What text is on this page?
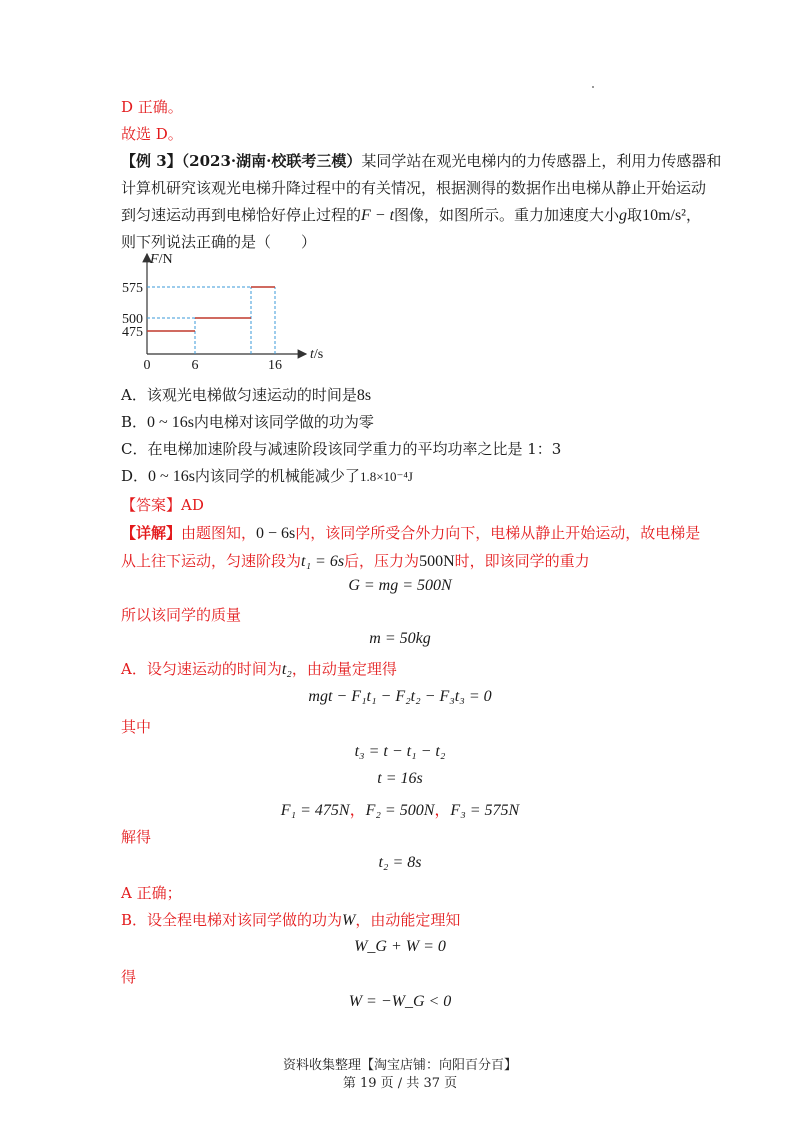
D 正确。
故选 D。
【例 3】（2023·湖南·校联考三模）某同学站在观光电梯内的力传感器上，利用力传感器和
计算机研究该观光电梯升降过程中的有关情况，根据测得的数据作出电梯从静止开始运动
到匀速运动再到电梯恰好停止过程的F − t图像，如图所示。重力加速度大小g取10m/s²，
则下列说法正确的是（　　）
F/N
t/s
575
500
475
0	6	16
A．该观光电梯做匀速运动的时间是8s
B．0 ~ 16s内电梯对该同学做的功为零
C．在电梯加速阶段与减速阶段该同学重力的平均功率之比是 1：3
D．0 ~ 16s内该同学的机械能减少了1.8×10⁻⁴J
【答案】AD
【详解】由题图知，0 − 6s内，该同学所受合外力向下，电梯从静止开始运动，故电梯是
从上往下运动，匀速阶段为t₁ = 6s后，压力为500N时，即该同学的重力
G = mg = 500N
所以该同学的质量
m = 50kg
A．设匀速运动的时间为t₂，由动量定理得
mgt − F₁t₁ − F₂t₂ − F₃t₃ = 0
其中
t₃ = t − t₁ − t₂
t = 16s
F₁ = 475N，F₂ = 500N，F₃ = 575N
解得
t₂ = 8s
A 正确；
B．设全程电梯对该同学做的功为W，由动能定理知
W_G + W = 0
得
W = −W_G < 0
资料收集整理【淘宝店铺：向阳百分百】
第 19 页 / 共 37 页
